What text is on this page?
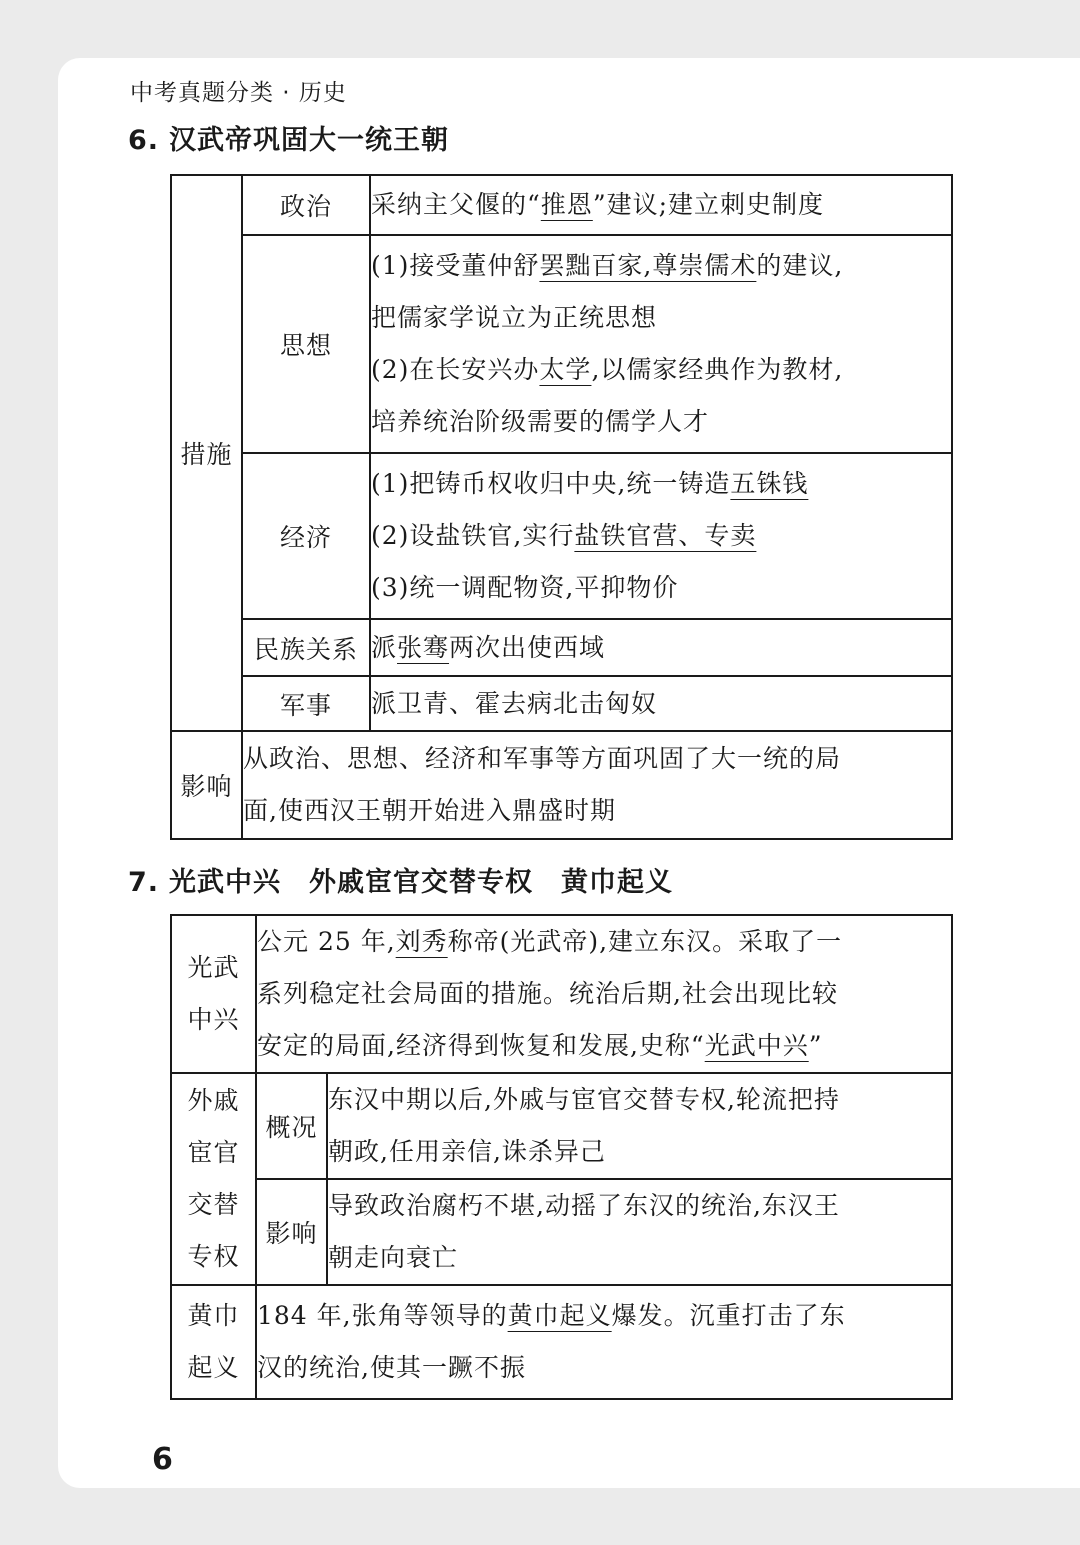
中考真题分类 · 历史
6. 汉武帝巩固大一统王朝
措施	政治	采纳主父偃的“推恩”建议;建立刺史制度

	思想	(1)接受董仲舒罢黜百家,尊崇儒术的建议,
把儒家学说立为正统思想
(2)在长安兴办太学,以儒家经典作为教材,
培养统治阶级需要的儒学人才

	经济	(1)把铸币权收归中央,统一铸造五铢钱
(2)设盐铁官,实行盐铁官营、专卖
(3)统一调配物资,平抑物价

	民族关系	派张骞两次出使西域

	军事	派卫青、霍去病北击匈奴

影响	从政治、思想、经济和军事等方面巩固了大一统的局
面,使西汉王朝开始进入鼎盛时期	
7. 光武中兴　外戚宦官交替专权　黄巾起义
光武
中兴	公元 25 年,刘秀称帝(光武帝),建立东汉。采取了一
系列稳定社会局面的措施。统治后期,社会出现比较
安定的局面,经济得到恢复和发展,史称“光武中兴”	

外戚
宦官
交替
专权	概况	东汉中期以后,外戚与宦官交替专权,轮流把持
朝政,任用亲信,诛杀异己

	影响	导致政治腐朽不堪,动摇了东汉的统治,东汉王
朝走向衰亡

黄巾
起义	184 年,张角等领导的黄巾起义爆发。沉重打击了东
汉的统治,使其一蹶不振	
6
